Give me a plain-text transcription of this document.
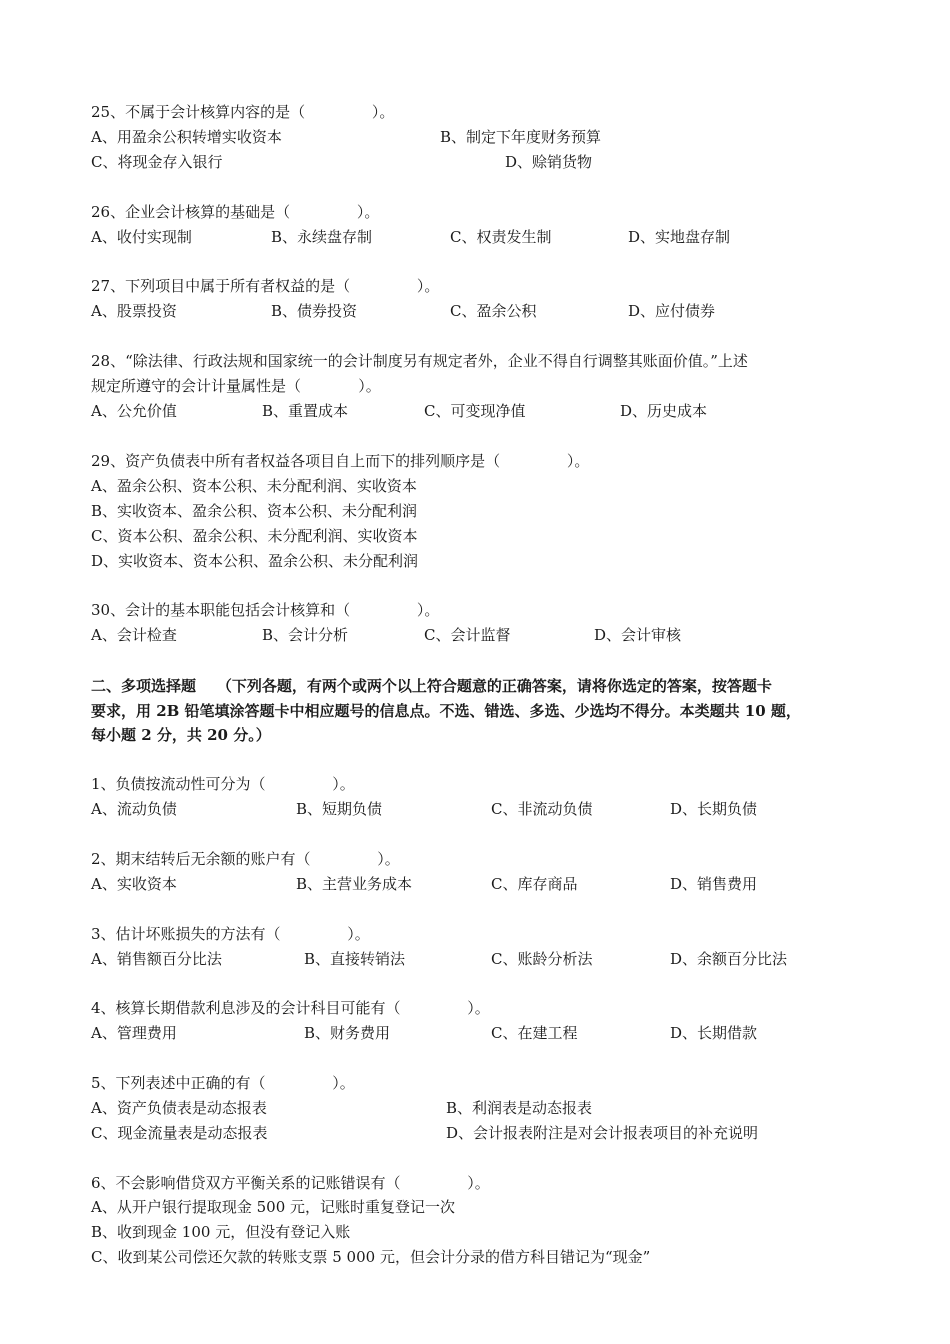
25、不属于会计核算内容的是（              ）。
A、用盈余公积转增实收资本	B、制定下年度财务预算
C、将现金存入银行	D、赊销货物
26、企业会计核算的基础是（              ）。
A、收付实现制	B、永续盘存制	C、权责发生制	D、实地盘存制
27、下列项目中属于所有者权益的是（              ）。
A、股票投资	B、债券投资	C、盈余公积	D、应付债券
28、“除法律、行政法规和国家统一的会计制度另有规定者外，企业不得自行调整其账面价值。”上述
规定所遵守的会计计量属性是（            ）。
A、公允价值	B、重置成本	C、可变现净值	D、历史成本
29、资产负债表中所有者权益各项目自上而下的排列顺序是（              ）。
A、盈余公积、资本公积、未分配利润、实收资本
B、实收资本、盈余公积、资本公积、未分配利润
C、资本公积、盈余公积、未分配利润、实收资本
D、实收资本、资本公积、盈余公积、未分配利润
30、会计的基本职能包括会计核算和（              ）。
A、会计检查	B、会计分析	C、会计监督	D、会计审核
二、多项选择题    （下列各题，有两个或两个以上符合题意的正确答案，请将你选定的答案，按答题卡
要求，用 2B 铅笔填涂答题卡中相应题号的信息点。不选、错选、多选、少选均不得分。本类题共 10 题，
每小题 2 分，共 20 分。）
1、负债按流动性可分为（              ）。
A、流动负债	B、短期负债	C、非流动负债	D、长期负债
2、期末结转后无余额的账户有（              ）。
A、实收资本	B、主营业务成本	C、库存商品	D、销售费用
3、估计坏账损失的方法有（              ）。
A、销售额百分比法	B、直接转销法	C、账龄分析法	D、余额百分比法
4、核算长期借款利息涉及的会计科目可能有（              ）。
A、管理费用	B、财务费用	C、在建工程	D、长期借款
5、下列表述中正确的有（              ）。
A、资产负债表是动态报表	B、利润表是动态报表
C、现金流量表是动态报表	D、会计报表附注是对会计报表项目的补充说明
6、不会影响借贷双方平衡关系的记账错误有（              ）。
A、从开户银行提取现金 500 元，记账时重复登记一次
B、收到现金 100 元，但没有登记入账
C、收到某公司偿还欠款的转账支票 5 000 元，但会计分录的借方科目错记为“现金”
